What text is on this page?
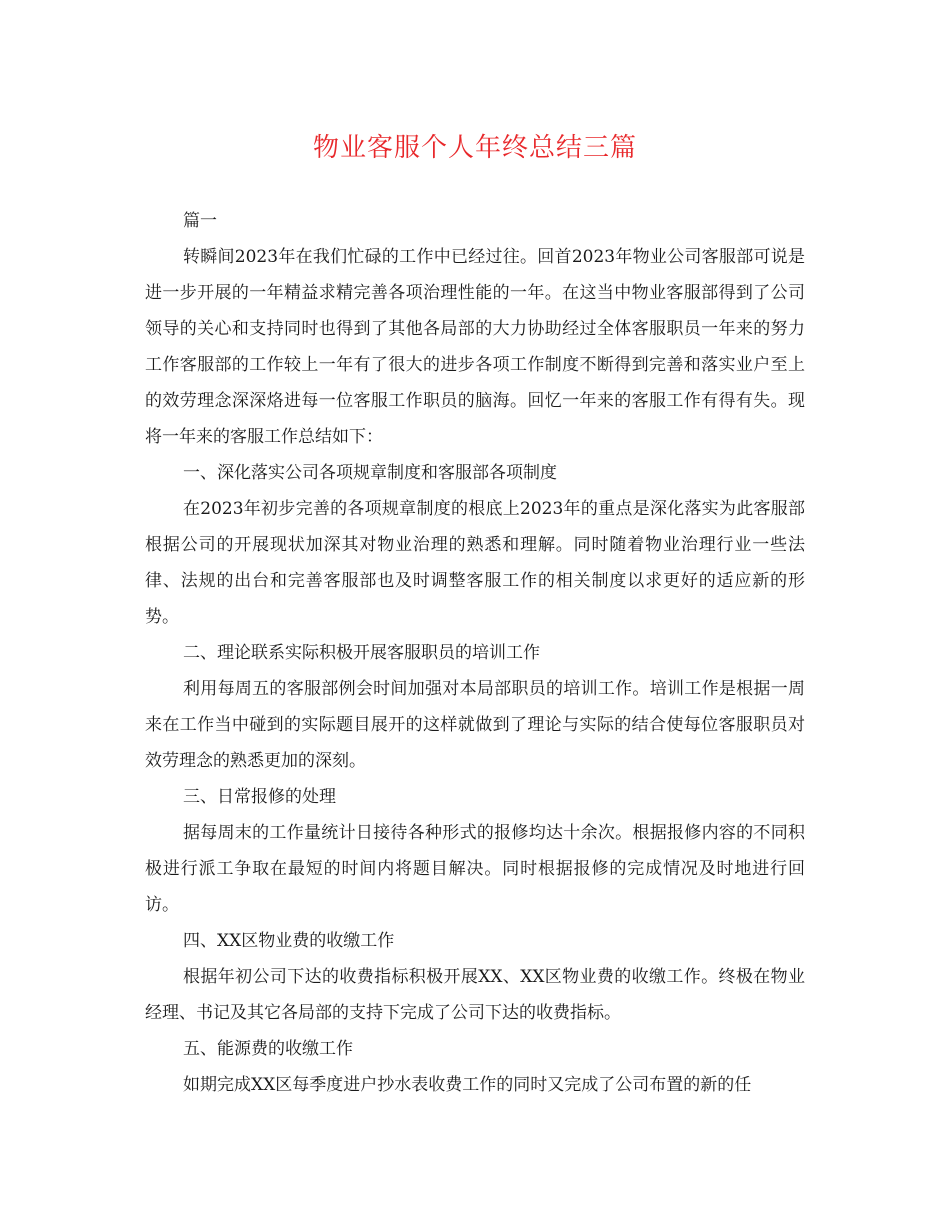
物业客服个人年终总结三篇

篇一

转瞬间2023年在我们忙碌的工作中已经过往。回首2023年物业公司客服部可说是进一步开展的一年精益求精完善各项治理性能的一年。在这当中物业客服部得到了公司领导的关心和支持同时也得到了其他各局部的大力协助经过全体客服职员一年来的努力工作客服部的工作较上一年有了很大的进步各项工作制度不断得到完善和落实业户至上的效劳理念深深烙进每一位客服工作职员的脑海。回忆一年来的客服工作有得有失。现将一年来的客服工作总结如下：

一、深化落实公司各项规章制度和客服部各项制度

在2023年初步完善的各项规章制度的根底上2023年的重点是深化落实为此客服部根据公司的开展现状加深其对物业治理的熟悉和理解。同时随着物业治理行业一些法律、法规的出台和完善客服部也及时调整客服工作的相关制度以求更好的适应新的形势。

二、理论联系实际积极开展客服职员的培训工作

利用每周五的客服部例会时间加强对本局部职员的培训工作。培训工作是根据一周来在工作当中碰到的实际题目展开的这样就做到了理论与实际的结合使每位客服职员对效劳理念的熟悉更加的深刻。

三、日常报修的处理

据每周末的工作量统计日接待各种形式的报修均达十余次。根据报修内容的不同积极进行派工争取在最短的时间内将题目解决。同时根据报修的完成情况及时地进行回访。

四、XX区物业费的收缴工作

根据年初公司下达的收费指标积极开展XX、XX区物业费的收缴工作。终极在物业经理、书记及其它各局部的支持下完成了公司下达的收费指标。

五、能源费的收缴工作

如期完成XX区每季度进户抄水表收费工作的同时又完成了公司布置的新的任
